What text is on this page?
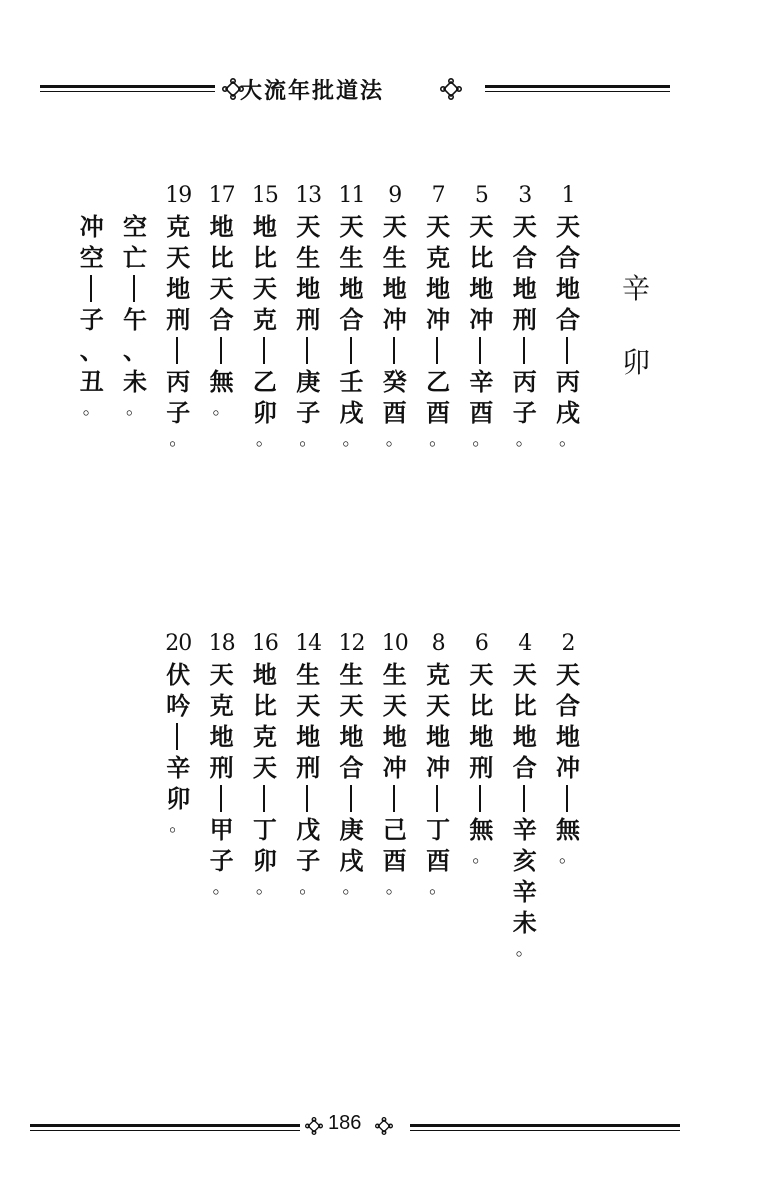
大流年批道法
辛
卯
1
天
合
地
合
丙
戌
。
3
天
合
地
刑
丙
子
。
5
天
比
地
冲
辛
酉
。
7
天
克
地
冲
乙
酉
。
9
天
生
地
冲
癸
酉
。
11
天
生
地
合
壬
戌
。
13
天
生
地
刑
庚
子
。
15
地
比
天
克
乙
卯
。
17
地
比
天
合
無
。
19
克
天
地
刑
丙
子
。
空
亡
午
、
未
。
冲
空
子
、
丑
。
2
天
合
地
冲
無
。
4
天
比
地
合
辛
亥
辛
未
。
6
天
比
地
刑
無
。
8
克
天
地
冲
丁
酉
。
10
生
天
地
冲
己
酉
。
12
生
天
地
合
庚
戌
。
14
生
天
地
刑
戊
子
。
16
地
比
克
天
丁
卯
。
18
天
克
地
刑
甲
子
。
20
伏
吟
辛
卯
。
186
